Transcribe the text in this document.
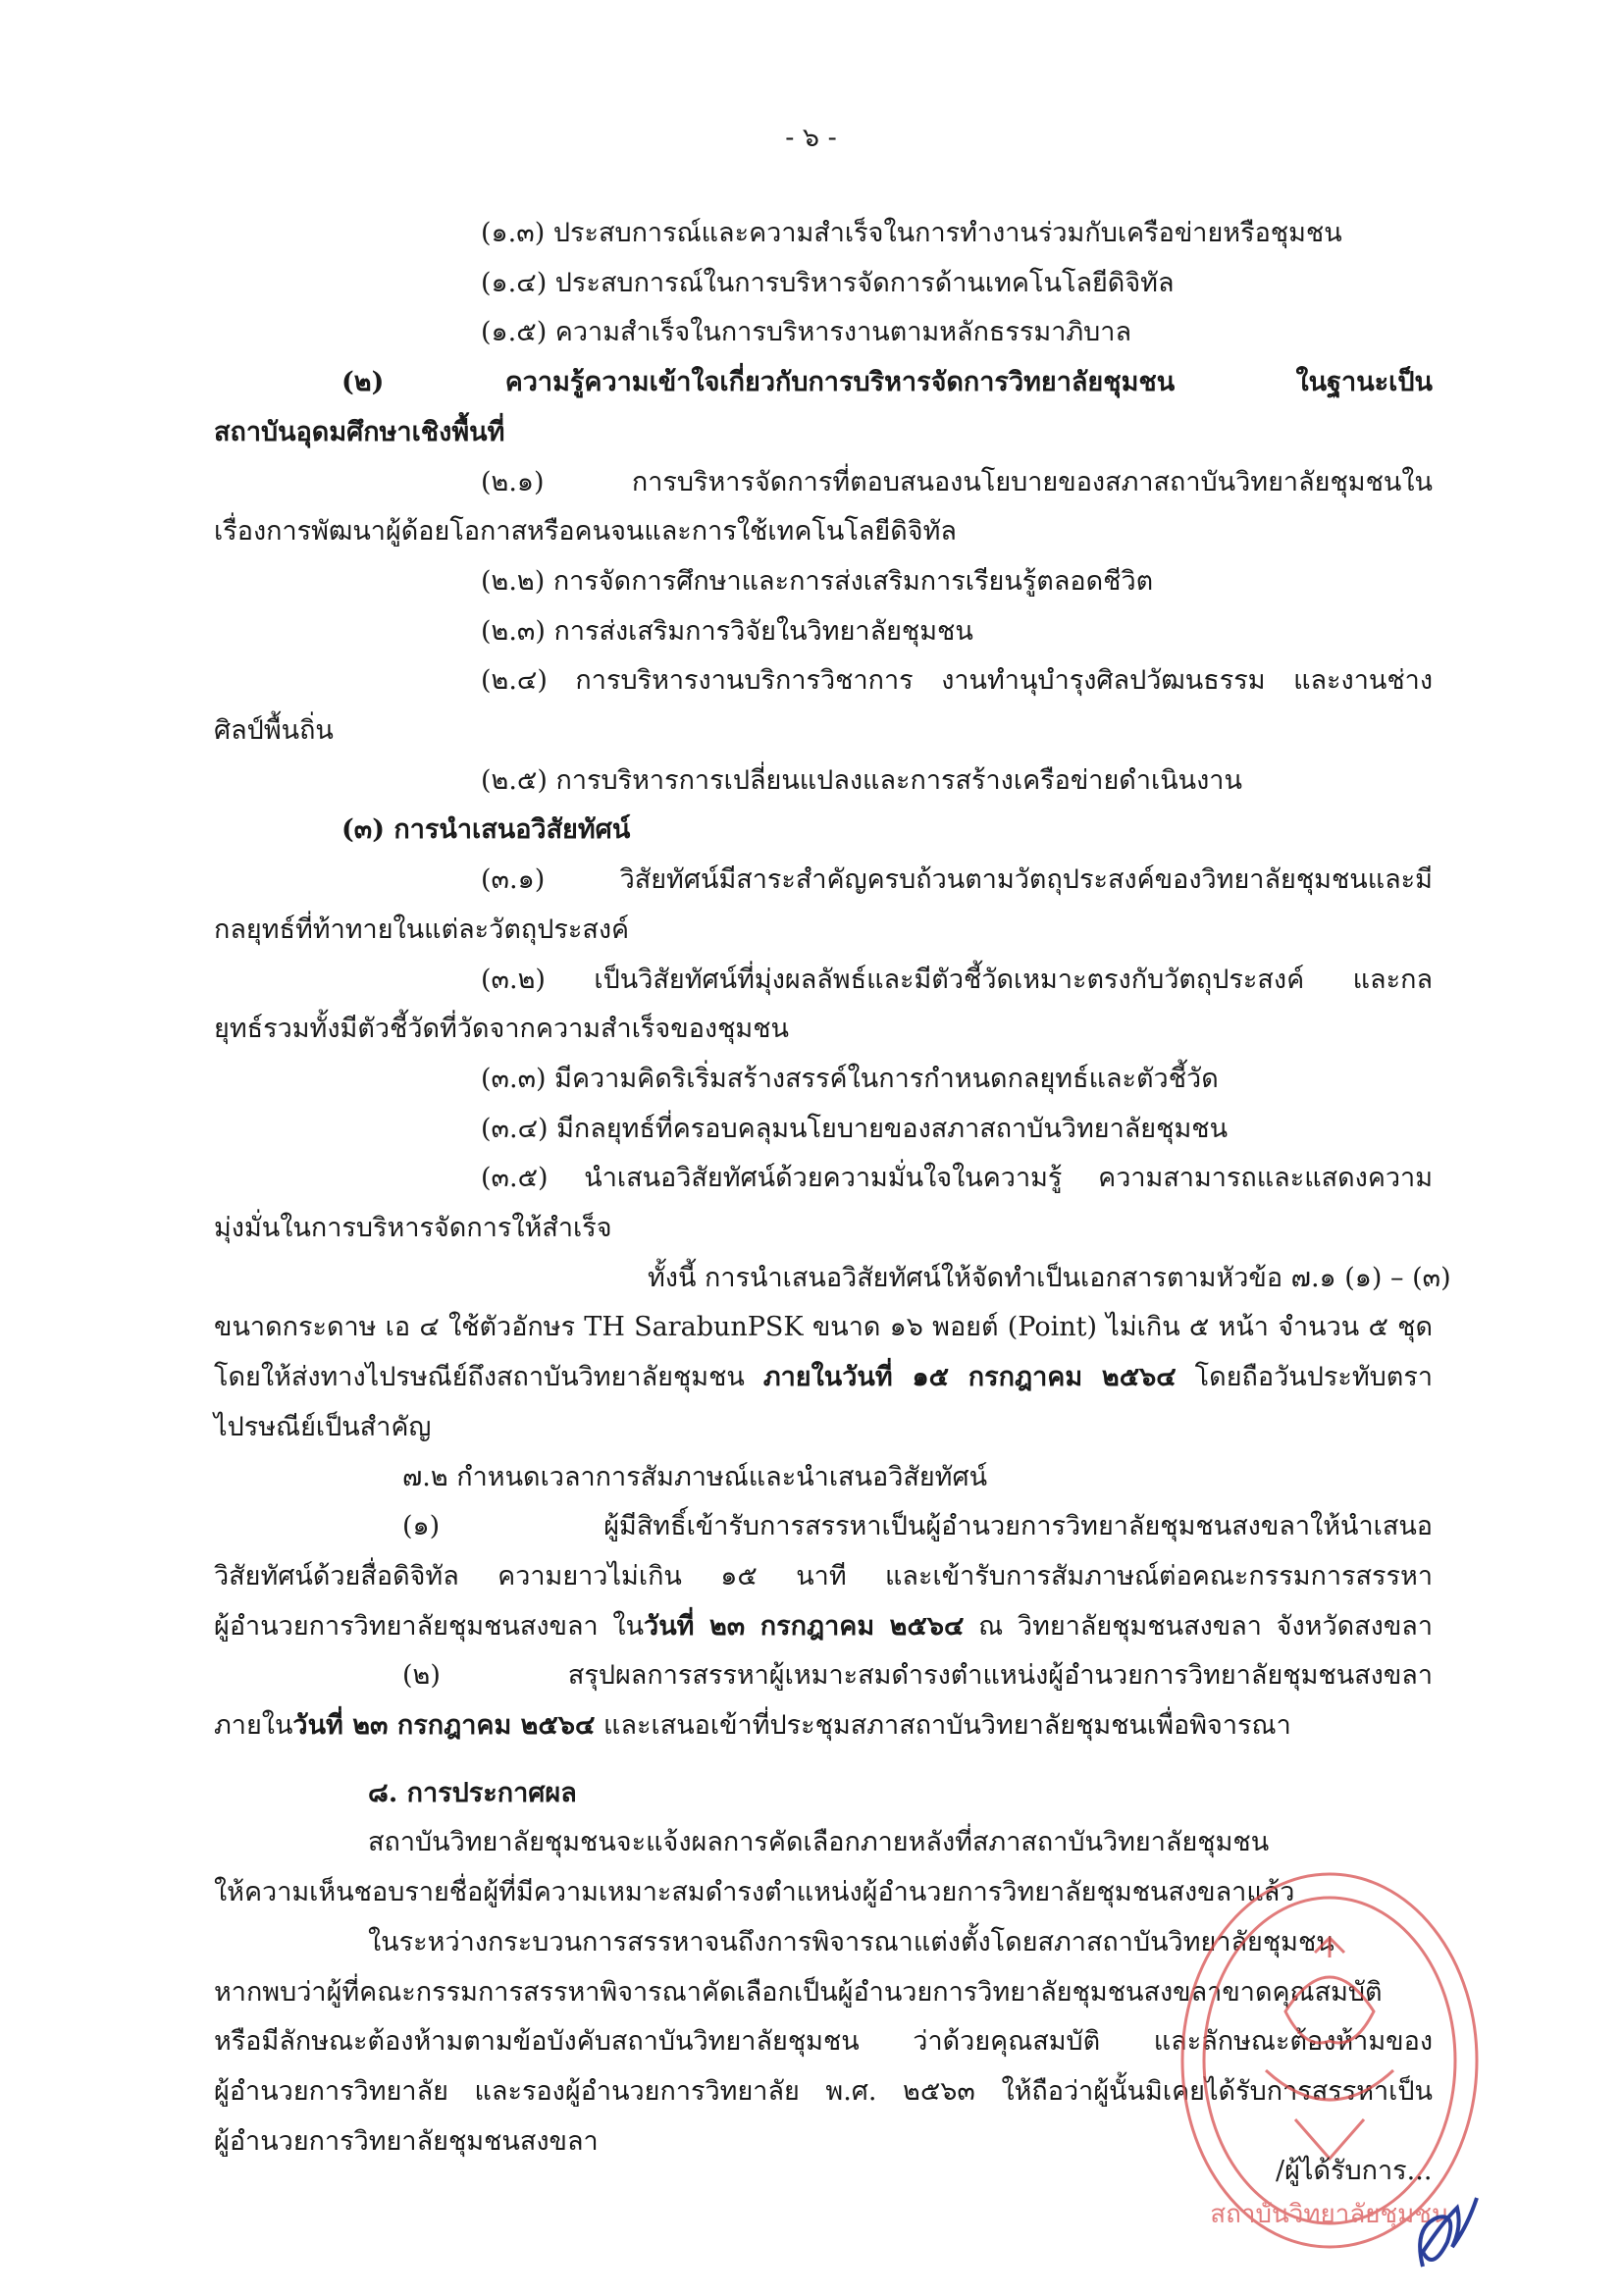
- ๖ -
(๑.๓) ประสบการณ์และความสำเร็จในการทำงานร่วมกับเครือข่ายหรือชุมชน
(๑.๔) ประสบการณ์ในการบริหารจัดการด้านเทคโนโลยีดิจิทัล
(๑.๕) ความสำเร็จในการบริหารงานตามหลักธรรมาภิบาล
(๒) ความรู้ความเข้าใจเกี่ยวกับการบริหารจัดการวิทยาลัยชุมชน ในฐานะเป็น
สถาบันอุดมศึกษาเชิงพื้นที่
(๒.๑) การบริหารจัดการที่ตอบสนองนโยบายของสภาสถาบันวิทยาลัยชุมชนใน
เรื่องการพัฒนาผู้ด้อยโอกาสหรือคนจนและการใช้เทคโนโลยีดิจิทัล
(๒.๒) การจัดการศึกษาและการส่งเสริมการเรียนรู้ตลอดชีวิต
(๒.๓) การส่งเสริมการวิจัยในวิทยาลัยชุมชน
(๒.๔) การบริหารงานบริการวิชาการ งานทำนุบำรุงศิลปวัฒนธรรม และงานช่าง
ศิลป์พื้นถิ่น
(๒.๕) การบริหารการเปลี่ยนแปลงและการสร้างเครือข่ายดำเนินงาน
(๓) การนำเสนอวิสัยทัศน์
(๓.๑) วิสัยทัศน์มีสาระสำคัญครบถ้วนตามวัตถุประสงค์ของวิทยาลัยชุมชนและมี
กลยุทธ์ที่ท้าทายในแต่ละวัตถุประสงค์
(๓.๒) เป็นวิสัยทัศน์ที่มุ่งผลลัพธ์และมีตัวชี้วัดเหมาะตรงกับวัตถุประสงค์ และกล
ยุทธ์รวมทั้งมีตัวชี้วัดที่วัดจากความสำเร็จของชุมชน
(๓.๓) มีความคิดริเริ่มสร้างสรรค์ในการกำหนดกลยุทธ์และตัวชี้วัด
(๓.๔) มีกลยุทธ์ที่ครอบคลุมนโยบายของสภาสถาบันวิทยาลัยชุมชน
(๓.๕) นำเสนอวิสัยทัศน์ด้วยความมั่นใจในความรู้ ความสามารถและแสดงความ
มุ่งมั่นในการบริหารจัดการให้สำเร็จ
ทั้งนี้ การนำเสนอวิสัยทัศน์ให้จัดทำเป็นเอกสารตามหัวข้อ ๗.๑ (๑) – (๓)
ขนาดกระดาษ เอ ๔ ใช้ตัวอักษร TH SarabunPSK ขนาด ๑๖ พอยต์ (Point) ไม่เกิน ๕ หน้า จำนวน ๕ ชุด
โดยให้ส่งทางไปรษณีย์ถึงสถาบันวิทยาลัยชุมชน ภายในวันที่ ๑๕ กรกฎาคม ๒๕๖๔ โดยถือวันประทับตรา
ไปรษณีย์เป็นสำคัญ
๗.๒ กำหนดเวลาการสัมภาษณ์และนำเสนอวิสัยทัศน์
(๑) ผู้มีสิทธิ์เข้ารับการสรรหาเป็นผู้อำนวยการวิทยาลัยชุมชนสงขลาให้นำเสนอ
วิสัยทัศน์ด้วยสื่อดิจิทัล ความยาวไม่เกิน ๑๕ นาที และเข้ารับการสัมภาษณ์ต่อคณะกรรมการสรรหา
ผู้อำนวยการวิทยาลัยชุมชนสงขลา ในวันที่ ๒๓ กรกฎาคม ๒๕๖๔ ณ วิทยาลัยชุมชนสงขลา จังหวัดสงขลา
(๒) สรุปผลการสรรหาผู้เหมาะสมดำรงตำแหน่งผู้อำนวยการวิทยาลัยชุมชนสงขลา
ภายในวันที่ ๒๓ กรกฎาคม ๒๕๖๔ และเสนอเข้าที่ประชุมสภาสถาบันวิทยาลัยชุมชนเพื่อพิจารณา
๘. การประกาศผล
สถาบันวิทยาลัยชุมชนจะแจ้งผลการคัดเลือกภายหลังที่สภาสถาบันวิทยาลัยชุมชน
ให้ความเห็นชอบรายชื่อผู้ที่มีความเหมาะสมดำรงตำแหน่งผู้อำนวยการวิทยาลัยชุมชนสงขลาแล้ว
ในระหว่างกระบวนการสรรหาจนถึงการพิจารณาแต่งตั้งโดยสภาสถาบันวิทยาลัยชุมชน
หากพบว่าผู้ที่คณะกรรมการสรรหาพิจารณาคัดเลือกเป็นผู้อำนวยการวิทยาลัยชุมชนสงขลาขาดคุณสมบัติ
หรือมีลักษณะต้องห้ามตามข้อบังคับสถาบันวิทยาลัยชุมชน ว่าด้วยคุณสมบัติ และลักษณะต้องห้ามของ
ผู้อำนวยการวิทยาลัย และรองผู้อำนวยการวิทยาลัย พ.ศ. ๒๕๖๓ ให้ถือว่าผู้นั้นมิเคยได้รับการสรรหาเป็น
ผู้อำนวยการวิทยาลัยชุมชนสงขลา
สถาบันวิทยาลัยชุมชน
/ผู้ได้รับการ...
